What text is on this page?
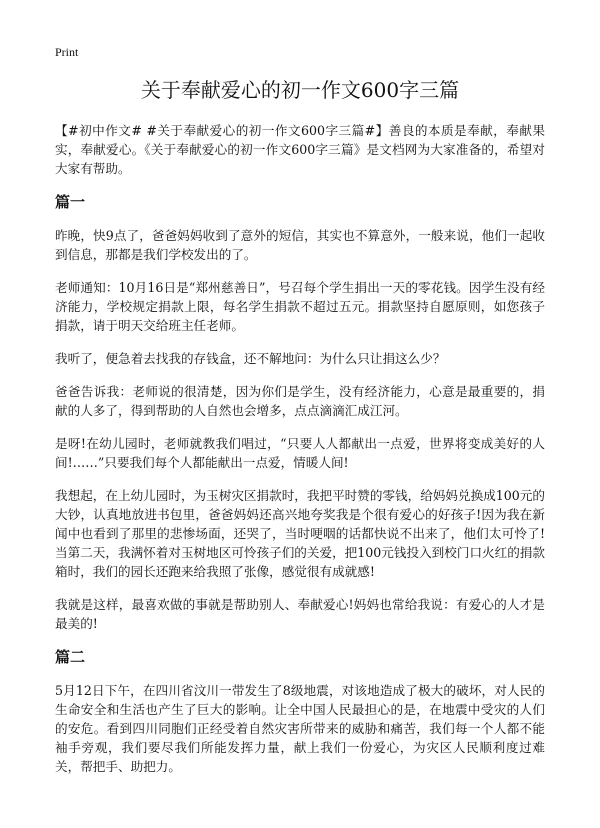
Print
关于奉献爱心的初一作文600字三篇

【#初中作文# #关于奉献爱心的初一作文600字三篇#】善良的本质是奉献，奉献果实，奉献爱心。《关于奉献爱心的初一作文600字三篇》是文档网为大家准备的，希望对大家有帮助。

篇一

昨晚，快9点了，爸爸妈妈收到了意外的短信，其实也不算意外，一般来说，他们一起收到信息，那都是我们学校发出的了。

老师通知：10月16日是“郑州慈善日”，号召每个学生捐出一天的零花钱。因学生没有经济能力，学校规定捐款上限，每名学生捐款不超过五元。捐款坚持自愿原则，如您孩子捐款，请于明天交给班主任老师。

我听了，便急着去找我的存钱盒，还不解地问：为什么只让捐这么少？

爸爸告诉我：老师说的很清楚，因为你们是学生，没有经济能力，心意是最重要的，捐献的人多了，得到帮助的人自然也会增多，点点滴滴汇成江河。

是呀!在幼儿园时，老师就教我们唱过，“只要人人都献出一点爱，世界将变成美好的人间!……”只要我们每个人都能献出一点爱，情暖人间!

我想起，在上幼儿园时，为玉树灾区捐款时，我把平时赞的零钱，给妈妈兑换成100元的大钞，认真地放进书包里，爸爸妈妈还高兴地夸奖我是个很有爱心的好孩子!因为我在新闻中也看到了那里的悲惨场面，还哭了，当时哽咽的话都快说不出来了，他们太可怜了!当第二天，我满怀着对玉树地区可怜孩子们的关爱，把100元钱投入到校门口火红的捐款箱时，我们的园长还跑来给我照了张像，感觉很有成就感!

我就是这样，最喜欢做的事就是帮助别人、奉献爱心!妈妈也常给我说：有爱心的人才是最美的!

篇二

5月12日下午，在四川省汶川一带发生了8级地震，对该地造成了极大的破坏，对人民的生命安全和生活也产生了巨大的影响。让全中国人民最担心的是，在地震中受灾的人们的安危。看到四川同胞们正经受着自然灾害所带来的威胁和痛苦，我们每一个人都不能袖手旁观，我们要尽我们所能发挥力量，献上我们一份爱心，为灾区人民顺利度过难关，帮把手、助把力。
